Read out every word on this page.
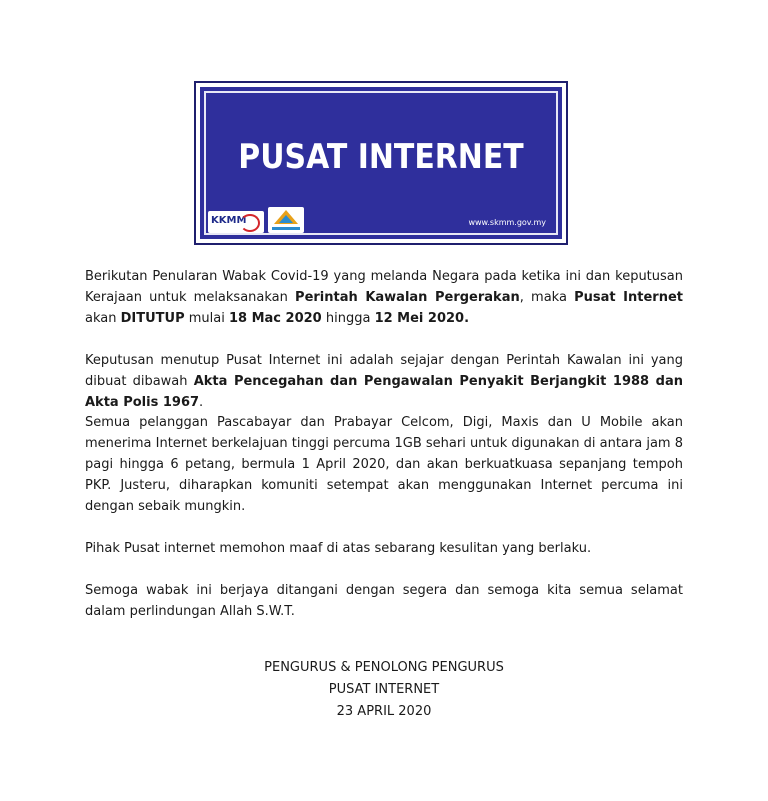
PUSAT INTERNET
KKMM	www.skmm.gov.my

Berikutan Penularan Wabak Covid-19 yang melanda Negara pada ketika ini dan keputusan Kerajaan untuk melaksanakan Perintah Kawalan Pergerakan, maka Pusat Internet akan DITUTUP mulai 18 Mac 2020 hingga 12 Mei 2020.

Keputusan menutup Pusat Internet ini adalah sejajar dengan Perintah Kawalan ini yang dibuat dibawah Akta Pencegahan dan Pengawalan Penyakit Berjangkit 1988 dan Akta Polis 1967.

Semua pelanggan Pascabayar dan Prabayar Celcom, Digi, Maxis dan U Mobile akan menerima Internet berkelajuan tinggi percuma 1GB sehari untuk digunakan di antara jam 8 pagi hingga 6 petang, bermula 1 April 2020, dan akan berkuatkuasa sepanjang tempoh PKP. Justeru, diharapkan komuniti setempat akan menggunakan Internet percuma ini dengan sebaik mungkin.

Pihak Pusat internet memohon maaf di atas sebarang kesulitan yang berlaku.

Semoga wabak ini berjaya ditangani dengan segera dan semoga kita semua selamat dalam perlindungan Allah S.W.T.

PENGURUS & PENOLONG PENGURUS
PUSAT INTERNET
23 APRIL 2020
